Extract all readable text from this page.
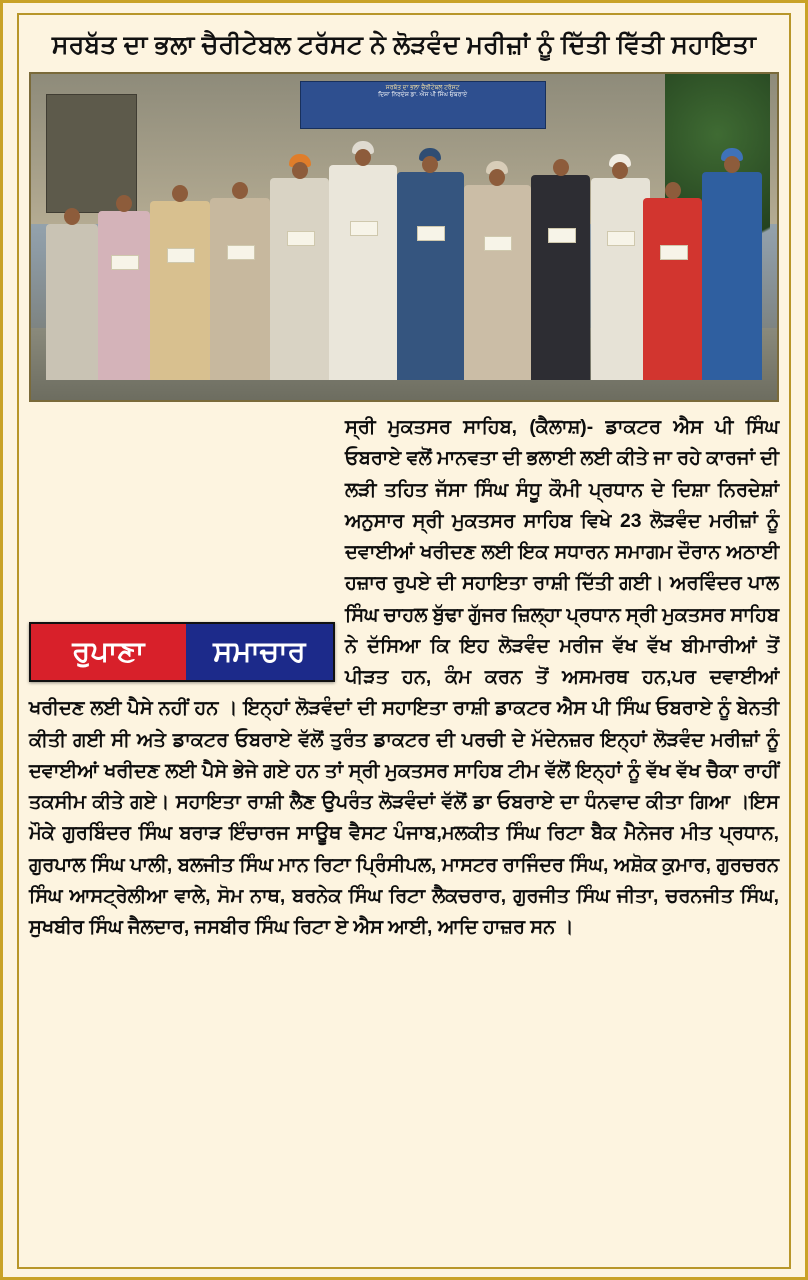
ਸਰਬੱਤ ਦਾ ਭਲਾ ਚੈਰੀਟੇਬਲ ਟਰੱਸਟ ਨੇ ਲੋੜਵੰਦ ਮਰੀਜ਼ਾਂ ਨੂੰ ਦਿੱਤੀ ਵਿੱਤੀ ਸਹਾਇਤਾ
ਸਰਬੱਤ ਦਾ ਭਲਾ ਚੈਰੀਟੇਬਲ ਟਰੱਸਟ
ਦਿਸ਼ਾ ਨਿਰਦੇਸ਼ ਡਾ. ਐਸ ਪੀ ਸਿੰਘ ਓਬਰਾਏ
ਰੁਪਾਣਾ	ਸਮਾਚਾਰ
ਸ੍ਰੀ ਮੁਕਤਸਰ ਸਾਹਿਬ, (ਕੈਲਾਸ਼)- ਡਾਕਟਰ ਐਸ ਪੀ ਸਿੰਘ ਓਬਰਾਏ ਵਲੋਂ ਮਾਨਵਤਾ ਦੀ ਭਲਾਈ ਲਈ ਕੀਤੇ ਜਾ ਰਹੇ ਕਾਰਜਾਂ ਦੀ ਲੜੀ ਤਹਿਤ ਜੱਸਾ ਸਿੰਘ ਸੰਧੂ ਕੌਮੀ ਪ੍ਰਧਾਨ ਦੇ ਦਿਸ਼ਾ ਨਿਰਦੇਸ਼ਾਂ ਅਨੁਸਾਰ ਸ੍ਰੀ ਮੁਕਤਸਰ ਸਾਹਿਬ ਵਿਖੇ 23 ਲੋੜਵੰਦ ਮਰੀਜ਼ਾਂ ਨੂੰ ਦਵਾਈਆਂ ਖਰੀਦਣ ਲਈ ਇਕ ਸਧਾਰਨ ਸਮਾਗਮ ਦੌਰਾਨ ਅਠਾਈ ਹਜ਼ਾਰ ਰੁਪਏ ਦੀ ਸਹਾਇਤਾ ਰਾਸ਼ੀ ਦਿੱਤੀ ਗਈ। ਅਰਵਿੰਦਰ ਪਾਲ ਸਿੰਘ ਚਾਹਲ ਬੁੱਢਾ ਗੁੱਜਰ ਜ਼ਿਲ੍ਹਾ ਪ੍ਰਧਾਨ ਸ੍ਰੀ ਮੁਕਤਸਰ ਸਾਹਿਬ ਨੇ ਦੱਸਿਆ ਕਿ ਇਹ ਲੋੜਵੰਦ ਮਰੀਜ ਵੱਖ ਵੱਖ ਬੀਮਾਰੀਆਂ ਤੋਂ ਪੀੜਤ ਹਨ, ਕੰਮ ਕਰਨ ਤੋਂ ਅਸਮਰਥ ਹਨ,ਪਰ ਦਵਾਈਆਂ ਖਰੀਦਣ ਲਈ ਪੈਸੇ ਨਹੀਂ ਹਨ । ਇਨ੍ਹਾਂ ਲੋੜਵੰਦਾਂ ਦੀ ਸਹਾਇਤਾ ਰਾਸ਼ੀ ਡਾਕਟਰ ਐਸ ਪੀ ਸਿੰਘ ਓਬਰਾਏ ਨੂੰ ਬੇਨਤੀ ਕੀਤੀ ਗਈ ਸੀ ਅਤੇ ਡਾਕਟਰ ਓਬਰਾਏ ਵੱਲੋਂ ਤੁਰੰਤ ਡਾਕਟਰ ਦੀ ਪਰਚੀ ਦੇ ਮੱਦੇਨਜ਼ਰ ਇਨ੍ਹਾਂ ਲੋੜਵੰਦ ਮਰੀਜ਼ਾਂ ਨੂੰ ਦਵਾਈਆਂ ਖਰੀਦਣ ਲਈ ਪੈਸੇ ਭੇਜੇ ਗਏ ਹਨ ਤਾਂ ਸ੍ਰੀ ਮੁਕਤਸਰ ਸਾਹਿਬ ਟੀਮ ਵੱਲੋਂ ਇਨ੍ਹਾਂ ਨੂੰ ਵੱਖ ਵੱਖ ਚੈਕਾ ਰਾਹੀਂ ਤਕਸੀਮ ਕੀਤੇ ਗਏ। ਸਹਾਇਤਾ ਰਾਸ਼ੀ ਲੈਣ ਉਪਰੰਤ ਲੋੜਵੰਦਾਂ ਵੱਲੋਂ ਡਾ ਓਬਰਾਏ ਦਾ ਧੰਨਵਾਦ ਕੀਤਾ ਗਿਆ ।ਇਸ ਮੌਕੇ ਗੁਰਬਿੰਦਰ ਸਿੰਘ ਬਰਾੜ ਇੰਚਾਰਜ ਸਾਊਥ ਵੈਸਟ ਪੰਜਾਬ,ਮਲਕੀਤ ਸਿੰਘ ਰਿਟਾ ਬੈਕ ਮੈਨੇਜਰ ਮੀਤ ਪ੍ਰਧਾਨ, ਗੁਰਪਾਲ ਸਿੰਘ ਪਾਲੀ, ਬਲਜੀਤ ਸਿੰਘ ਮਾਨ ਰਿਟਾ ਪ੍ਰਿੰਸੀਪਲ, ਮਾਸਟਰ ਰਾਜਿੰਦਰ ਸਿੰਘ, ਅਸ਼ੋਕ ਕੁਮਾਰ, ਗੁਰਚਰਨ ਸਿੰਘ ਆਸਟ੍ਰੇਲੀਆ ਵਾਲੇ, ਸੋਮ ਨਾਥ, ਬਰਨੇਕ ਸਿੰਘ ਰਿਟਾ ਲੈਕਚਰਾਰ, ਗੁਰਜੀਤ ਸਿੰਘ ਜੀਤਾ, ਚਰਨਜੀਤ ਸਿੰਘ, ਸੁਖਬੀਰ ਸਿੰਘ ਜੈਲਦਾਰ, ਜਸਬੀਰ ਸਿੰਘ ਰਿਟਾ ਏ ਐਸ ਆਈ, ਆਦਿ ਹਾਜ਼ਰ ਸਨ ।
